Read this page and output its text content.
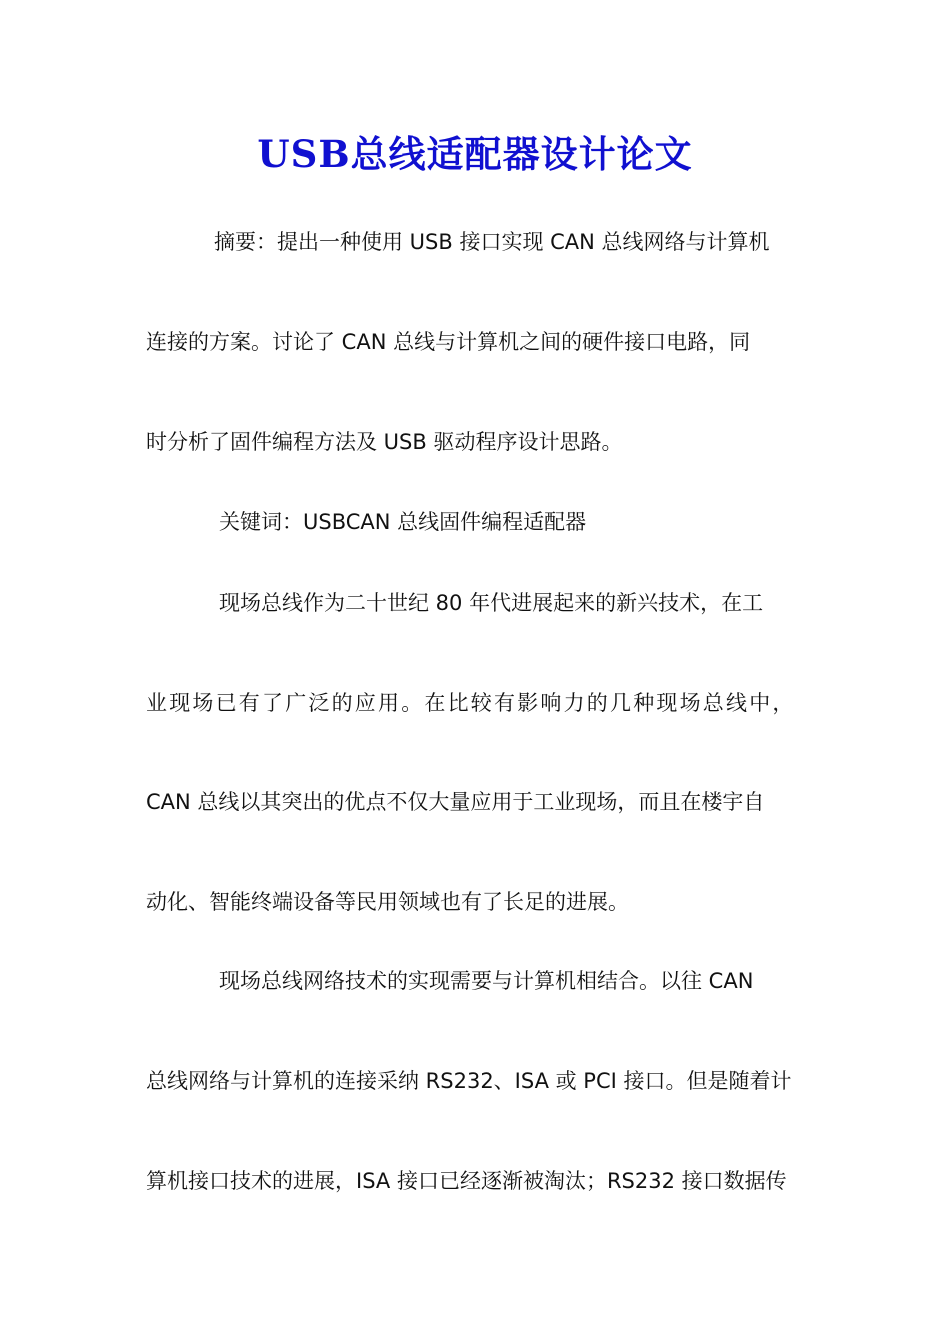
USB总线适配器设计论文
摘要：提出一种使用 USB 接口实现 CAN 总线网络与计算机
连接的方案。讨论了 CAN 总线与计算机之间的硬件接口电路，同
时分析了固件编程方法及 USB 驱动程序设计思路。
关键词：USBCAN 总线固件编程适配器
现场总线作为二十世纪 80 年代进展起来的新兴技术，在工
业现场已有了广泛的应用。在比较有影响力的几种现场总线中，
CAN 总线以其突出的优点不仅大量应用于工业现场，而且在楼宇自
动化、智能终端设备等民用领域也有了长足的进展。
现场总线网络技术的实现需要与计算机相结合。以往 CAN
总线网络与计算机的连接采纳 RS232、ISA 或 PCI 接口。但是随着计
算机接口技术的进展，ISA 接口已经逐渐被淘汰；RS232 接口数据传
